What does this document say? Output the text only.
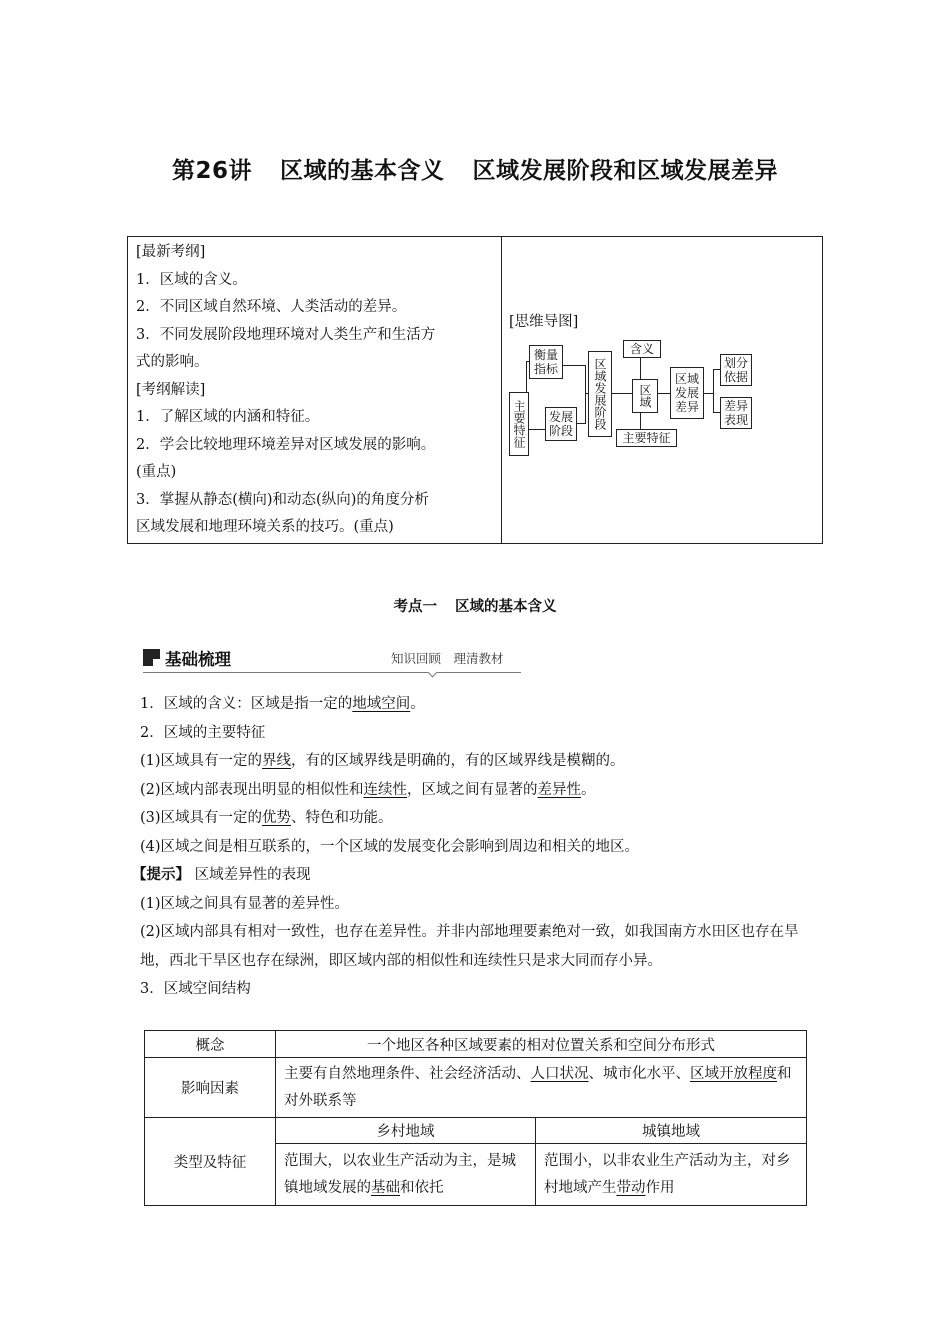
第26讲 区域的基本含义 区域发展阶段和区域发展差异
[最新考纲]
1．区域的含义。
2．不同区域自然环境、人类活动的差异。
3．不同发展阶段地理环境对人类生产和生活方
式的影响。
[考纲解读]
1．了解区域的内涵和特征。
2．学会比较地理环境差异对区域发展的影响。
(重点)
3．掌握从静态(横向)和动态(纵向)的角度分析
区域发展和地理环境关系的技巧。(重点)
[思维导图]
衡量指标
主要特征 发展阶段
区域发展阶段
含义
区域
主要特征
区域发展差异
划分依据
差异表现
考点一 区域的基本含义
基础梳理	知识回顾　理清教材
1．区域的含义：区域是指一定的地域空间。
2．区域的主要特征
(1)区域具有一定的界线，有的区域界线是明确的，有的区域界线是模糊的。
(2)区域内部表现出明显的相似性和连续性，区域之间有显著的差异性。
(3)区域具有一定的优势、特色和功能。
(4)区域之间是相互联系的，一个区域的发展变化会影响到周边和相关的地区。
【提示】 区域差异性的表现
(1)区域之间具有显著的差异性。
(2)区域内部具有相对一致性，也存在差异性。并非内部地理要素绝对一致，如我国南方水田区也存在旱地，西北干旱区也存在绿洲，即区域内部的相似性和连续性只是求大同而存小异。
3．区域空间结构
概念	一个地区各种区域要素的相对位置关系和空间分布形式	
影响因素	主要有自然地理条件、社会经济活动、人口状况、城市化水平、区域开放程度和对外联系等	
类型及特征	乡村地域	城镇地域
	范围大，以农业生产活动为主，是城镇地域发展的基础和依托	范围小，以非农业生产活动为主，对乡村地域产生带动作用
